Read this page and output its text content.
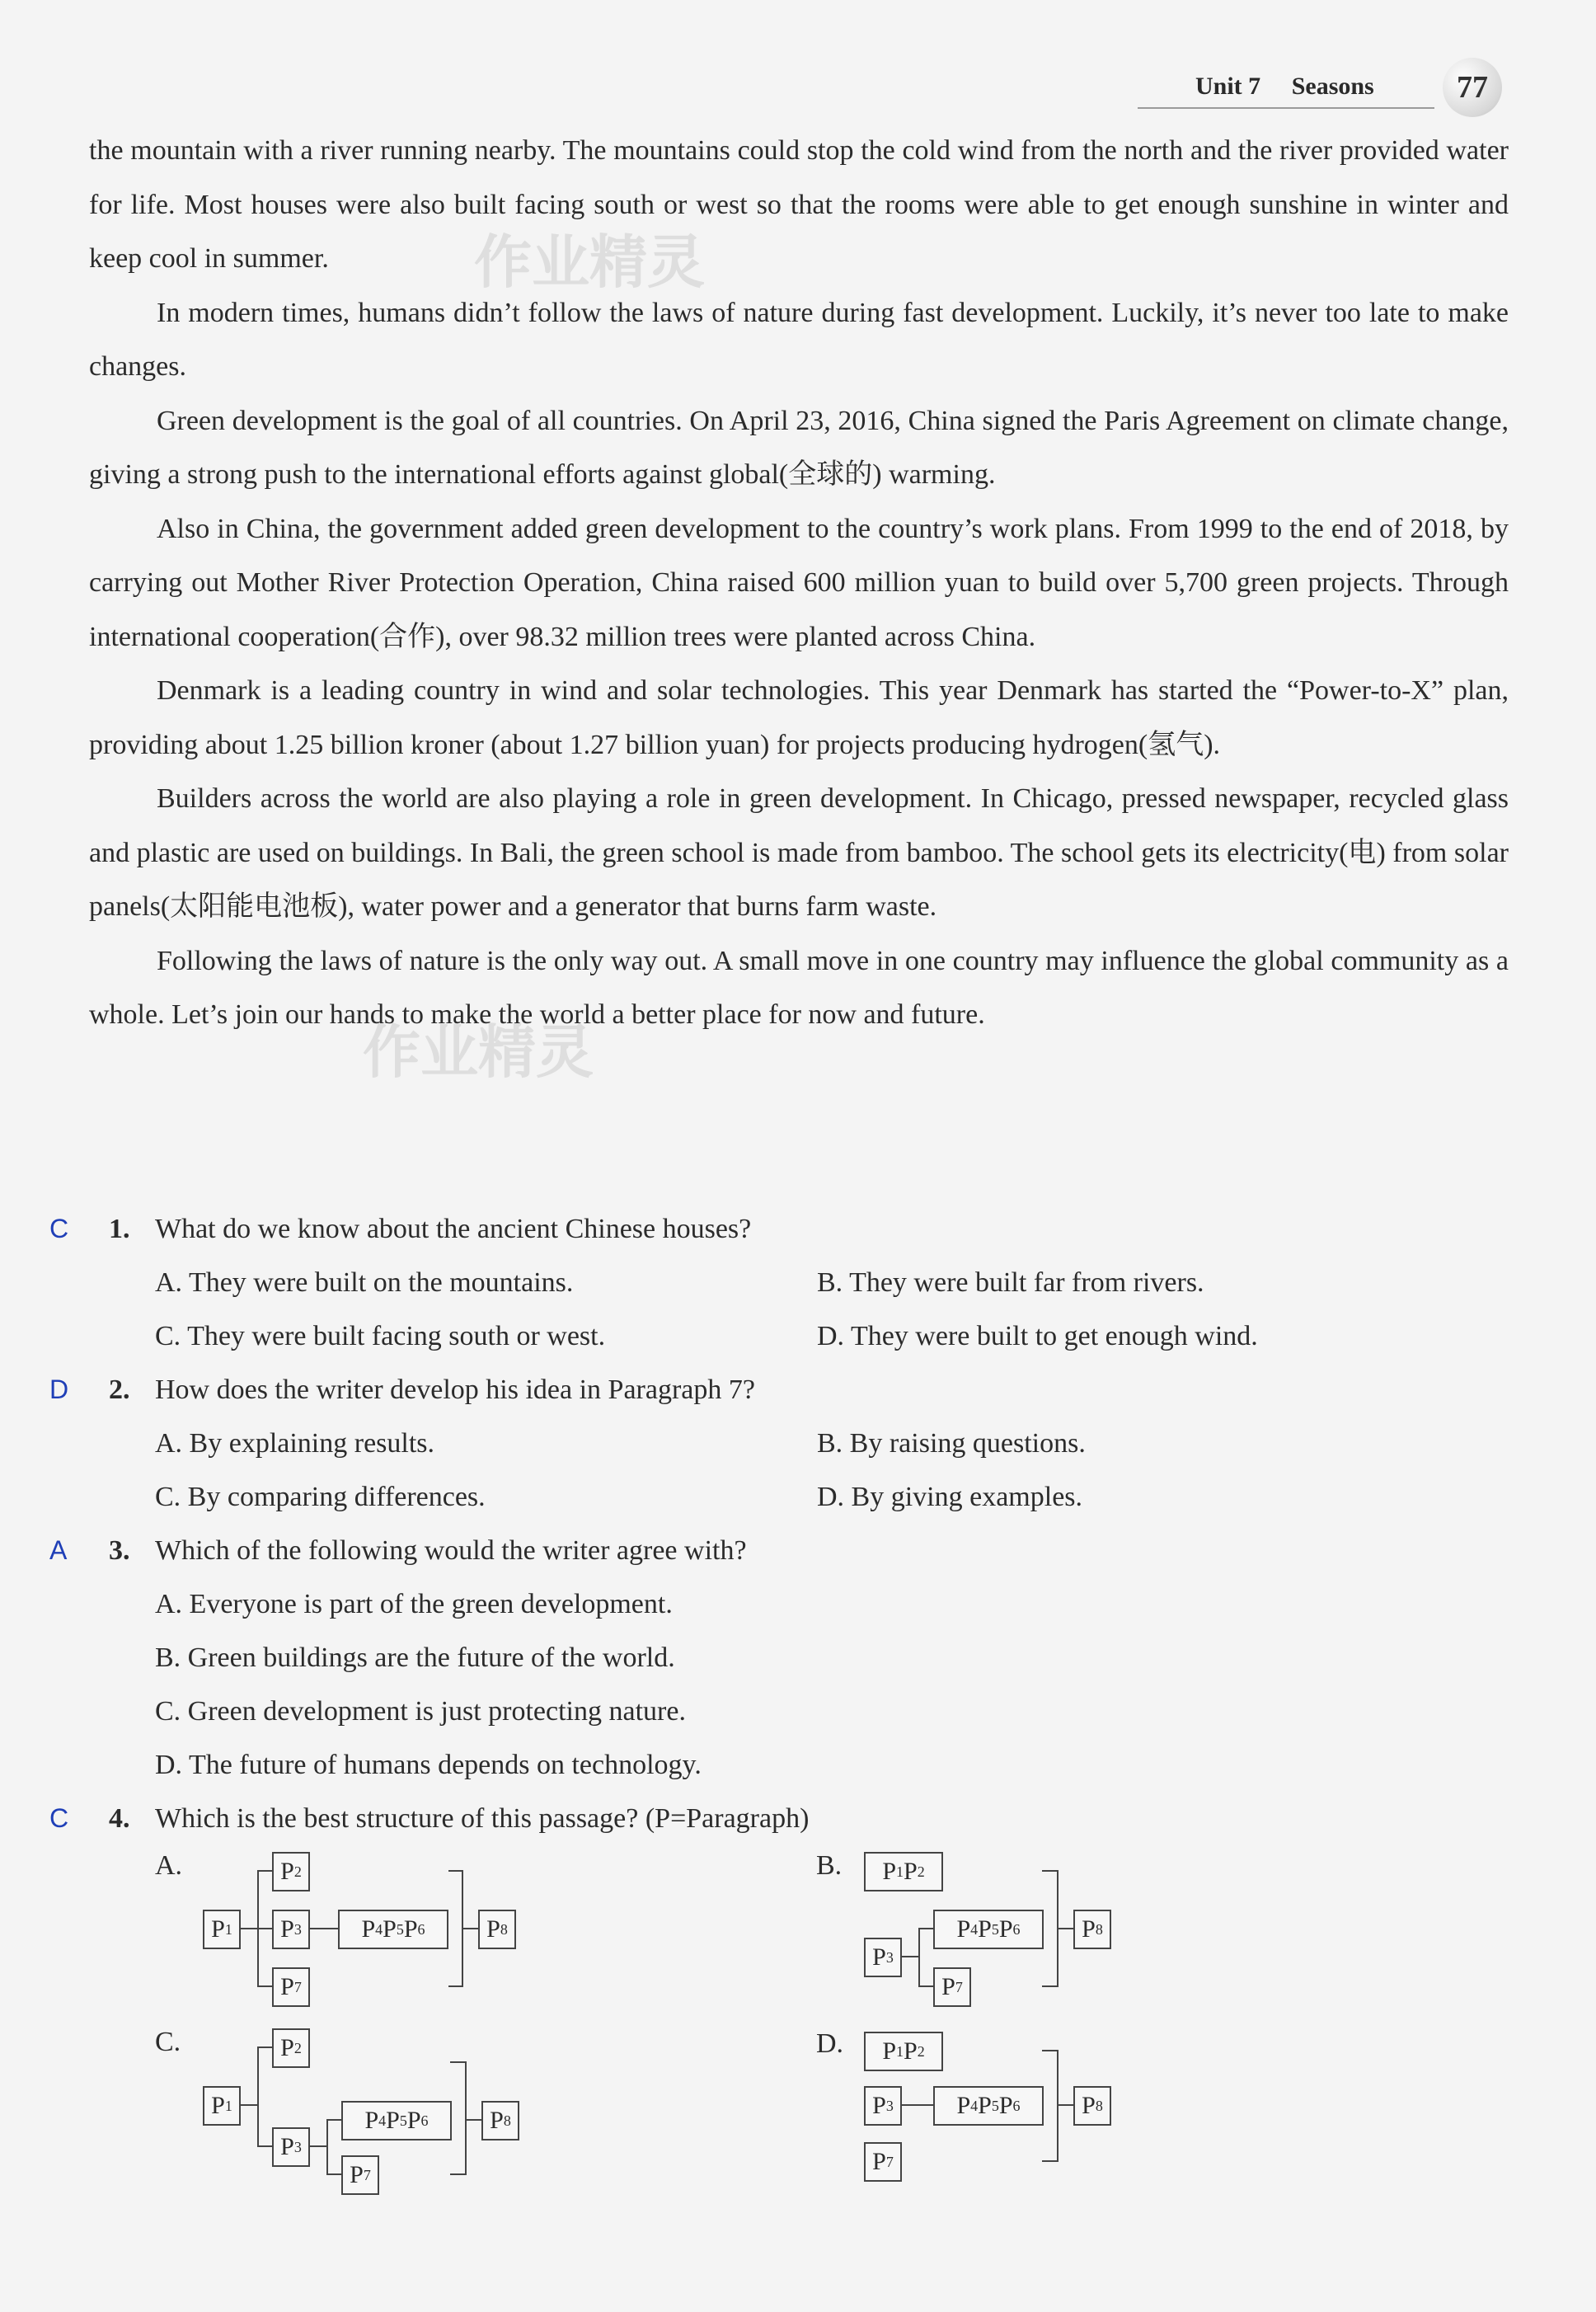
Unit 7 Seasons	77
作业精灵
作业精灵

the mountain with a river running nearby. The mountains could stop the cold wind from the north and the river provided water for life. Most houses were also built facing south or west so that the rooms were able to get enough sunshine in winter and keep cool in summer.

In modern times, humans didn’t follow the laws of nature during fast development. Luckily, it’s never too late to make changes.

Green development is the goal of all countries. On April 23, 2016, China signed the Paris Agreement on climate change, giving a strong push to the international efforts against global(全球的) warming.

Also in China, the government added green development to the country’s work plans. From 1999 to the end of 2018, by carrying out Mother River Protection Operation, China raised 600 million yuan to build over 5,700 green projects. Through international cooperation(合作), over 98.32 million trees were planted across China.

Denmark is a leading country in wind and solar technologies. This year Denmark has started the “Power-to-X” plan, providing about 1.25 billion kroner (about 1.27 billion yuan) for projects producing hydrogen(氢气).

Builders across the world are also playing a role in green development. In Chicago, pressed newspaper, recycled glass and plastic are used on buildings. In Bali, the green school is made from bamboo. The school gets its electricity(电) from solar panels(太阳能电池板), water power and a generator that burns farm waste.

Following the laws of nature is the only way out. A small move in one country may influence the global community as a whole. Let’s join our hands to make the world a better place for now and future.

C 1. What do we know about the ancient Chinese houses?
A. They were built on the mountains.	B. They were built far from rivers.
C. They were built facing south or west.	D. They were built to get enough wind.
D 2. How does the writer develop his idea in Paragraph 7?
A. By explaining results.	B. By raising questions.
C. By comparing differences.	D. By giving examples.
A 3. Which of the following would the writer agree with?
A. Everyone is part of the green development.
B. Green buildings are the future of the world.
C. Green development is just protecting nature.
D. The future of humans depends on technology.
C 4. Which is the best structure of this passage? (P=Paragraph)
A.
P 1
P 2
P 3	P 4 P 5 P 6
P 7
P 8
B.	P 1 P 2
P 3
P 4 P 5 P 6
P 7
P 8
C.
P 1
P 2
P 3
P 4 P 5 P 6
P 7
P 8
D.	P 1 P 2
P 3	P 4 P 5 P 6
P 7
P 8
